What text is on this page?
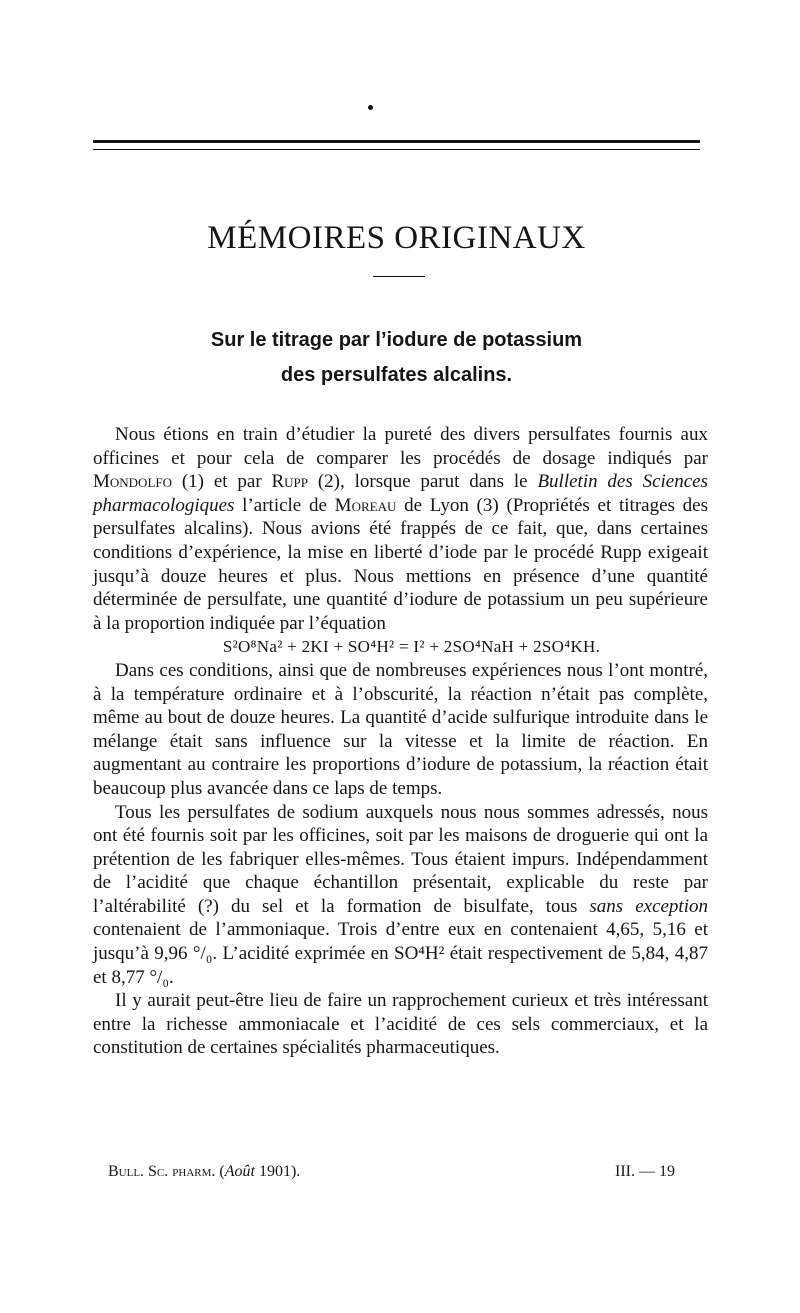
MÉMOIRES ORIGINAUX
Sur le titrage par l’iodure de potassium
des persulfates alcalins.

Nous étions en train d’étudier la pureté des divers persulfates fournis aux officines et pour cela de comparer les procédés de dosage indiqués par Mondolfo (1) et par Rupp (2), lorsque parut dans le Bulletin des Sciences pharmacologiques l’article de Moreau de Lyon (3) (Propriétés et titrages des persulfates alcalins). Nous avions été frappés de ce fait, que, dans certaines conditions d’expérience, la mise en liberté d’iode par le procédé Rupp exigeait jusqu’à douze heures et plus. Nous mettions en présence d’une quantité déterminée de persulfate, une quantité d’iodure de potassium un peu supérieure à la proportion indiquée par l’équation

S²O⁸Na² + 2KI + SO⁴H² = I² + 2SO⁴NaH + 2SO⁴KH.

Dans ces conditions, ainsi que de nombreuses expériences nous l’ont montré, à la température ordinaire et à l’obscurité, la réaction n’était pas complète, même au bout de douze heures. La quantité d’acide sulfurique introduite dans le mélange était sans influence sur la vitesse et la limite de réaction. En augmentant au contraire les proportions d’iodure de potassium, la réaction était beaucoup plus avancée dans ce laps de temps.

Tous les persulfates de sodium auxquels nous nous sommes adressés, nous ont été fournis soit par les officines, soit par les maisons de droguerie qui ont la prétention de les fabriquer elles-mêmes. Tous étaient impurs. Indépendamment de l’acidité que chaque échantillon présentait, explicable du reste par l’altérabilité (?) du sel et la formation de bisulfate, tous sans exception contenaient de l’ammoniaque. Trois d’entre eux en contenaient 4,65, 5,16 et jusqu’à 9,96 °/₀. L’acidité exprimée en SO⁴H² était respectivement de 5,84, 4,87 et 8,77 °/₀.

Il y aurait peut-être lieu de faire un rapprochement curieux et très intéressant entre la richesse ammoniacale et l’acidité de ces sels commerciaux, et la constitution de certaines spécialités pharmaceutiques.

Bull. Sc. pharm. (Août 1901).	III. — 19
